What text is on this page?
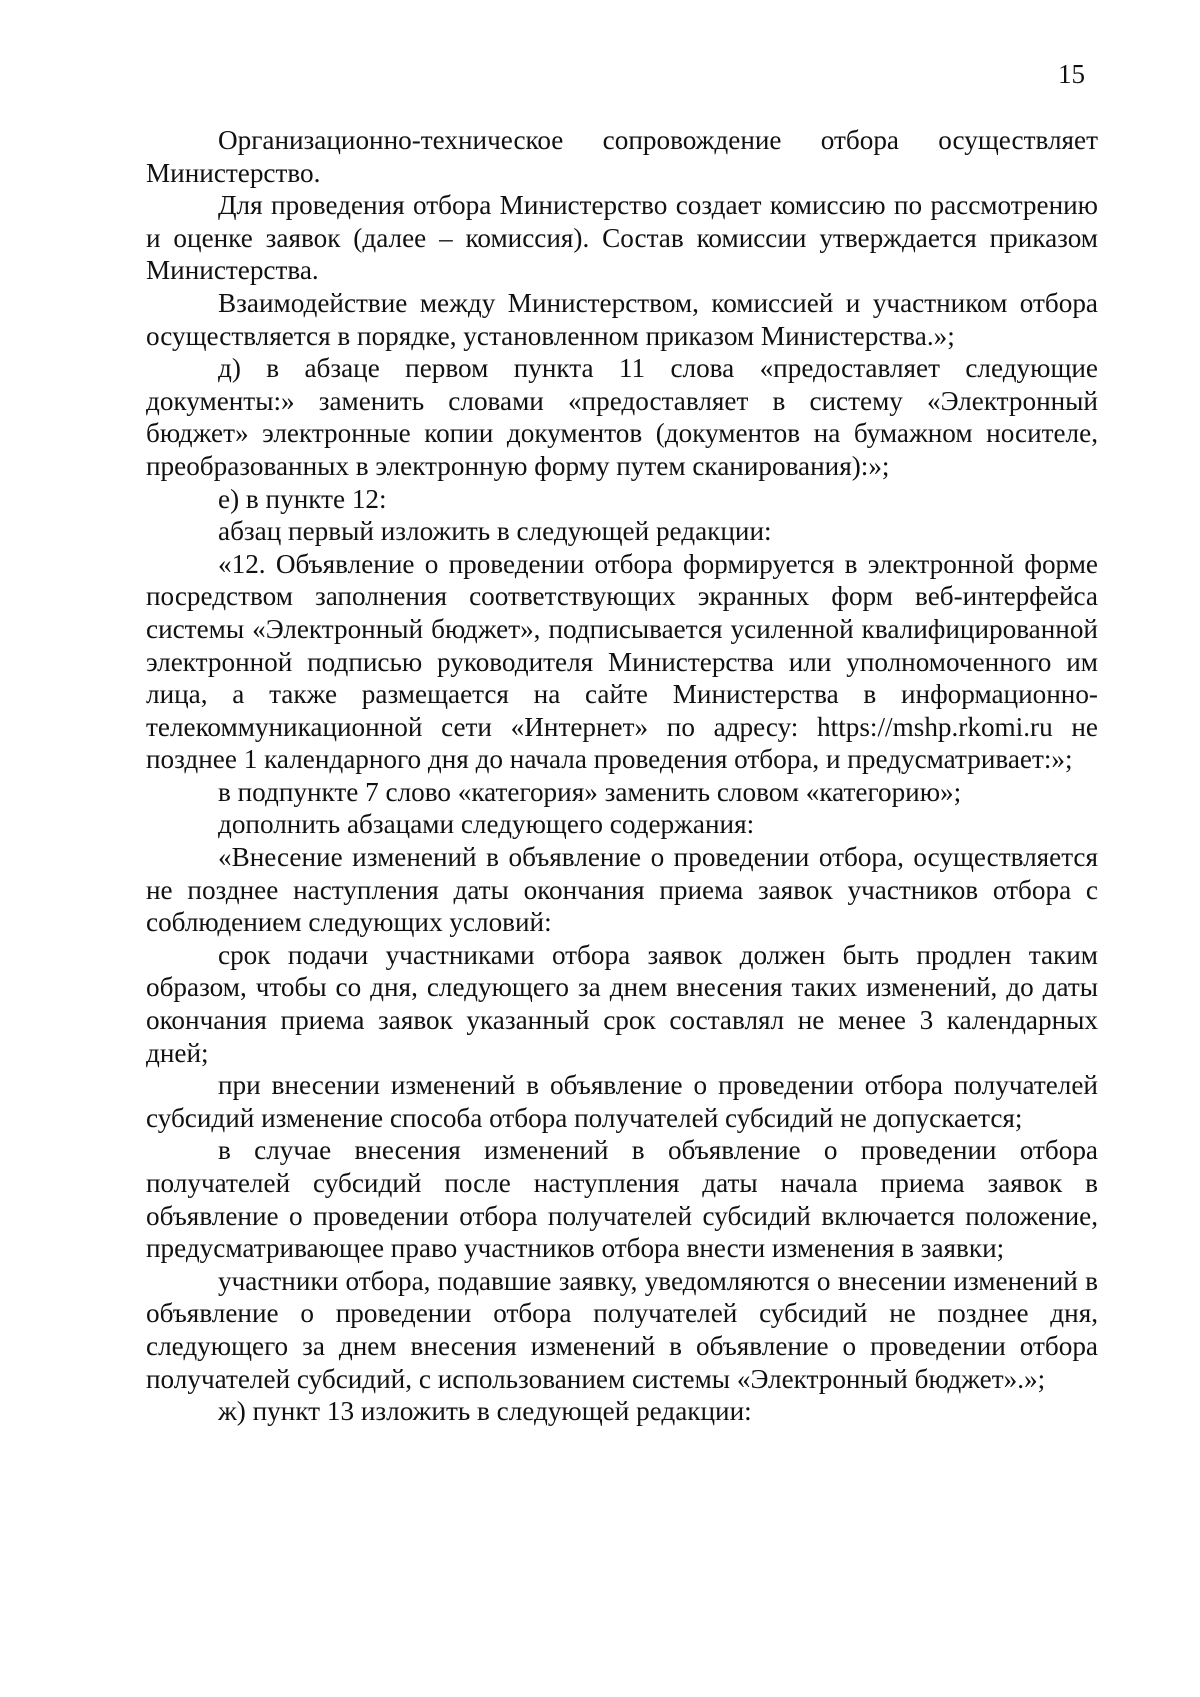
15

Организационно-техническое сопровождение отбора осуществляет Министерство.

Для проведения отбора Министерство создает комиссию по рассмотрению и оценке заявок (далее – комиссия). Состав комиссии утверждается приказом Министерства.

Взаимодействие между Министерством, комиссией и участником отбора осуществляется в порядке, установленном приказом Министерства.»;

д) в абзаце первом пункта 11 слова «предоставляет следующие документы:» заменить словами «предоставляет в систему «Электронный бюджет» электронные копии документов (документов на бумажном носителе, преобразованных в электронную форму путем сканирования):»;

е) в пункте 12:

абзац первый изложить в следующей редакции:

«12. Объявление о проведении отбора формируется в электронной форме посредством заполнения соответствующих экранных форм веб-интерфейса системы «Электронный бюджет», подписывается усиленной квалифицированной электронной подписью руководителя Министерства или уполномоченного им лица, а также размещается на сайте Министерства в информационно-телекоммуникационной сети «Интернет» по адресу: https://mshp.rkomi.ru не позднее 1 календарного дня до начала проведения отбора, и предусматривает:»;

в подпункте 7 слово «категория» заменить словом «категорию»;

дополнить абзацами следующего содержания:

«Внесение изменений в объявление о проведении отбора, осуществляется не позднее наступления даты окончания приема заявок участников отбора с соблюдением следующих условий:

срок подачи участниками отбора заявок должен быть продлен таким образом, чтобы со дня, следующего за днем внесения таких изменений, до даты окончания приема заявок указанный срок составлял не менее 3 календарных дней;

при внесении изменений в объявление о проведении отбора получателей субсидий изменение способа отбора получателей субсидий не допускается;

в случае внесения изменений в объявление о проведении отбора получателей субсидий после наступления даты начала приема заявок в объявление о проведении отбора получателей субсидий включается положение, предусматривающее право участников отбора внести изменения в заявки;

участники отбора, подавшие заявку, уведомляются о внесении изменений в объявление о проведении отбора получателей субсидий не позднее дня, следующего за днем внесения изменений в объявление о проведении отбора получателей субсидий, с использованием системы «Электронный бюджет».»;

ж) пункт 13 изложить в следующей редакции:
